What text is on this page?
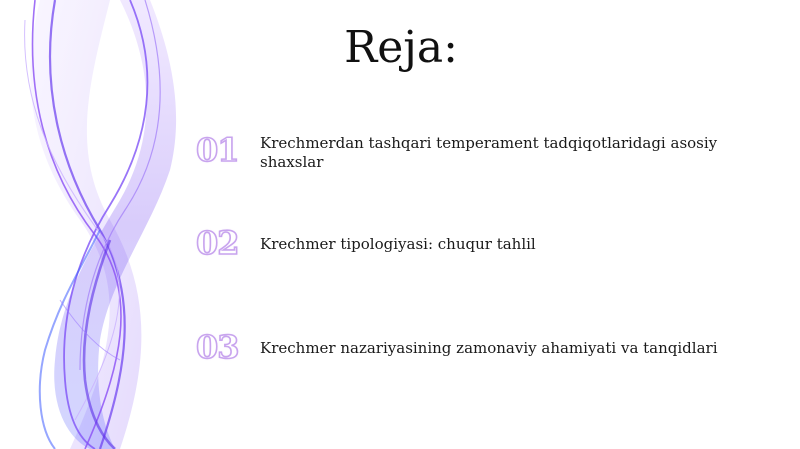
Reja:
01	Krechmerdan tashqari temperament tadqiqotlaridagi asosiy shaxslar
02	Krechmer tipologiyasi: chuqur tahlil
03	Krechmer nazariyasining zamonaviy ahamiyati va tanqidlari
